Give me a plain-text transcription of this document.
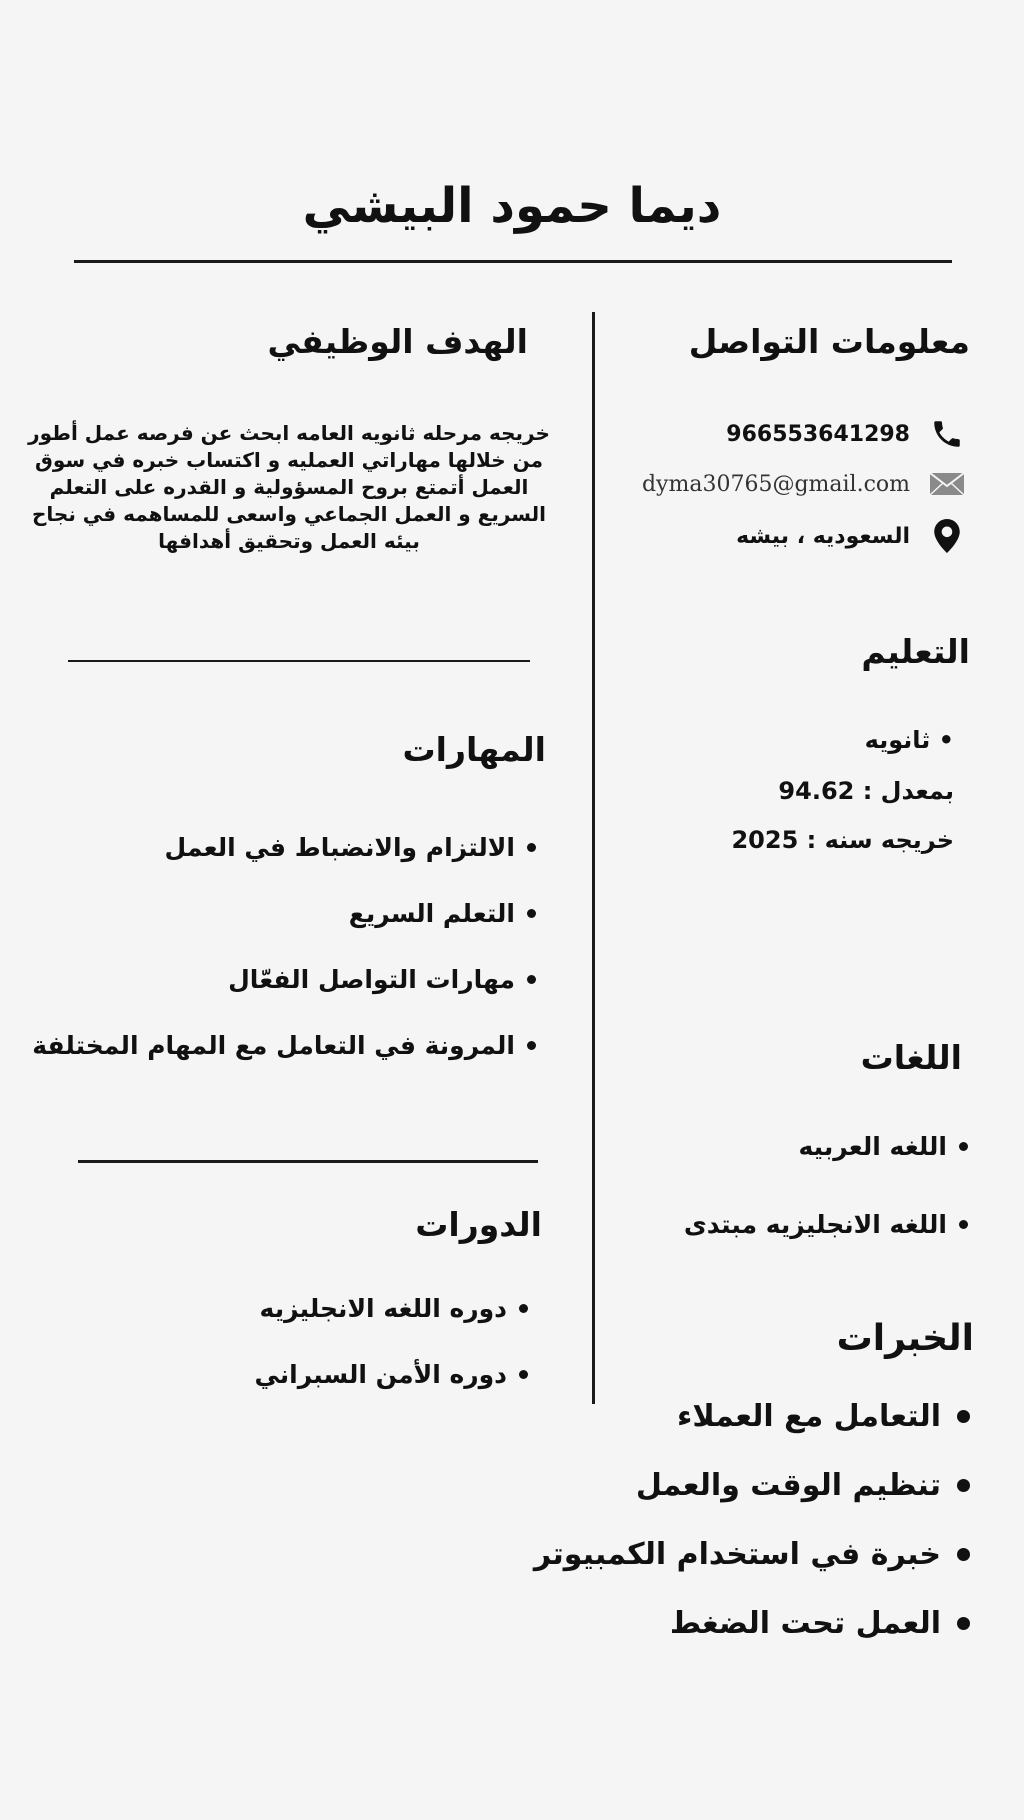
ديما حمود البيشي
معلومات التواصل
966553641298
dyma30765@gmail.com
السعوديه ، بيشه
التعليم
• ثانويه
بمعدل : 94.62
خريجه سنه : 2025
اللغات
اللغه العربيه
اللغه الانجليزيه مبتدى
الخبرات
التعامل مع العملاء
تنظيم الوقت والعمل
خبرة في استخدام الكمبيوتر
العمل تحت الضغط
الهدف الوظيفي
خريجه مرحله ثانويه العامه ابحث عن فرصه عمل أطور من خلالها مهاراتي العمليه و اكتساب خبره في سوق العمل أتمتع بروح المسؤولية و القدره على التعلم السريع و العمل الجماعي واسعى للمساهمه في نجاح بيئه العمل وتحقيق أهدافها
المهارات
الالتزام والانضباط في العمل
التعلم السريع
مهارات التواصل الفعّال
المرونة في التعامل مع المهام المختلفة
الدورات
دوره اللغه الانجليزيه
دوره الأمن السبراني
